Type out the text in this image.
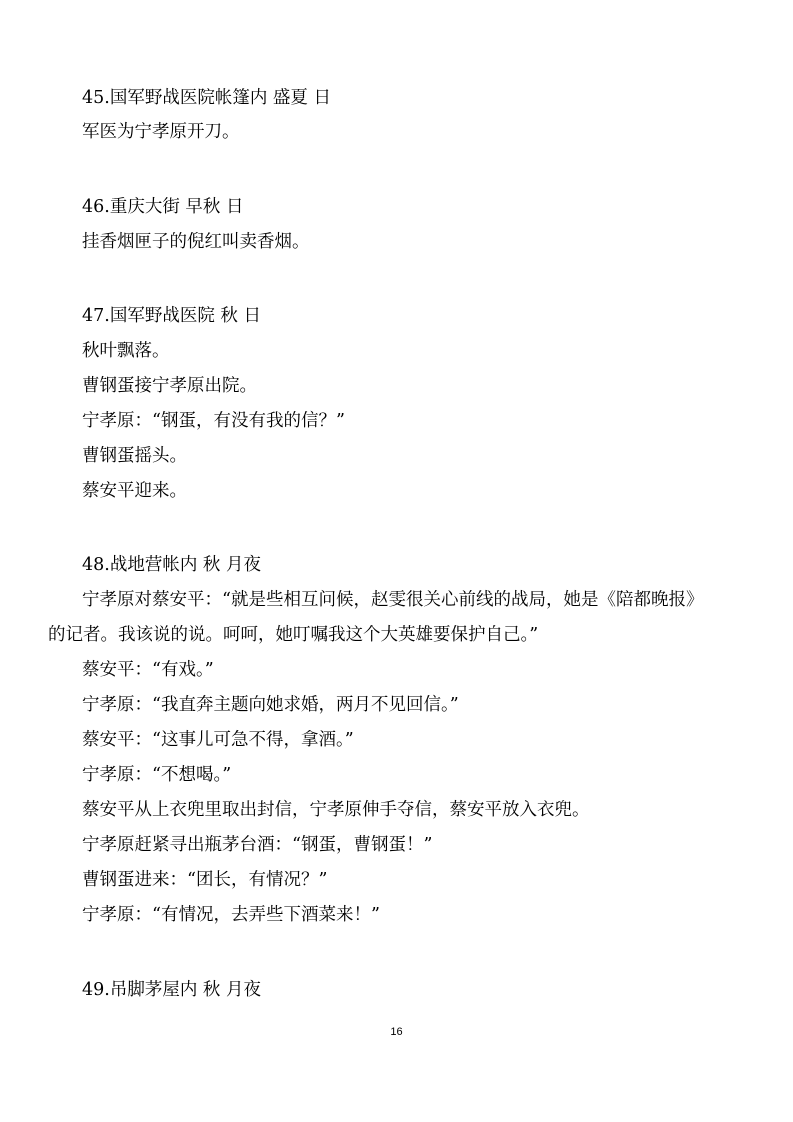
45.国军野战医院帐篷内 盛夏 日
军医为宁孝原开刀。
46.重庆大街 早秋 日
挂香烟匣子的倪红叫卖香烟。
47.国军野战医院 秋 日
秋叶飘落。
曹钢蛋接宁孝原出院。
宁孝原：“钢蛋，有没有我的信？”
曹钢蛋摇头。
蔡安平迎来。
48.战地营帐内 秋 月夜
宁孝原对蔡安平：“就是些相互问候，赵雯很关心前线的战局，她是《陪都晚报》
的记者。我该说的说。呵呵，她叮嘱我这个大英雄要保护自己。”
蔡安平：“有戏。”
宁孝原：“我直奔主题向她求婚，两月不见回信。”
蔡安平：“这事儿可急不得，拿酒。”
宁孝原：“不想喝。”
蔡安平从上衣兜里取出封信，宁孝原伸手夺信，蔡安平放入衣兜。
宁孝原赶紧寻出瓶茅台酒：“钢蛋，曹钢蛋！”
曹钢蛋进来：“团长，有情况？”
宁孝原：“有情况，去弄些下酒菜来！”
49.吊脚茅屋内 秋 月夜
16
